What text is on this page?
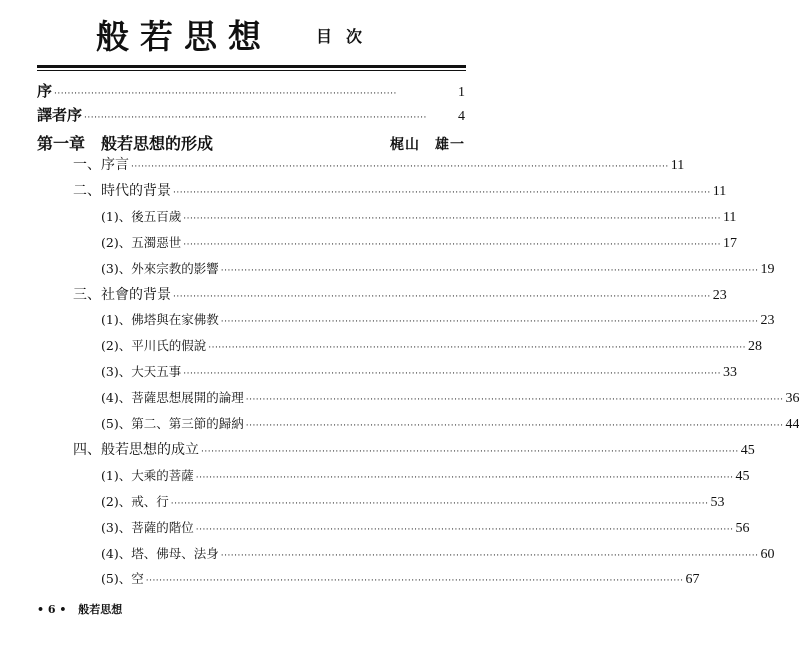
般若思想	目次
序 ······································································································	1
譯者序 ······································································································	4
第一章　般若思想的形成	梶山　雄一
一、序言 ································································································································································ 11
二、時代的背景 ································································································································································ 11
(1)、後五百歲 ································································································································································ 11
(2)、五濁惡世 ································································································································································ 17
(3)、外來宗教的影響 ································································································································································ 19
三、社會的背景 ································································································································································ 23
(1)、佛塔與在家佛教 ································································································································································ 23
(2)、平川氏的假說 ································································································································································ 28
(3)、大天五事 ································································································································································ 33
(4)、菩薩思想展開的論理 ································································································································································ 36
(5)、第二、第三節的歸納 ································································································································································ 44
四、般若思想的成立 ································································································································································ 45
(1)、大乘的菩薩 ································································································································································ 45
(2)、戒、行 ································································································································································ 53
(3)、菩薩的階位 ································································································································································ 56
(4)、塔、佛母、法身 ································································································································································ 60
(5)、空 ································································································································································ 67
• 6 • 般若思想
